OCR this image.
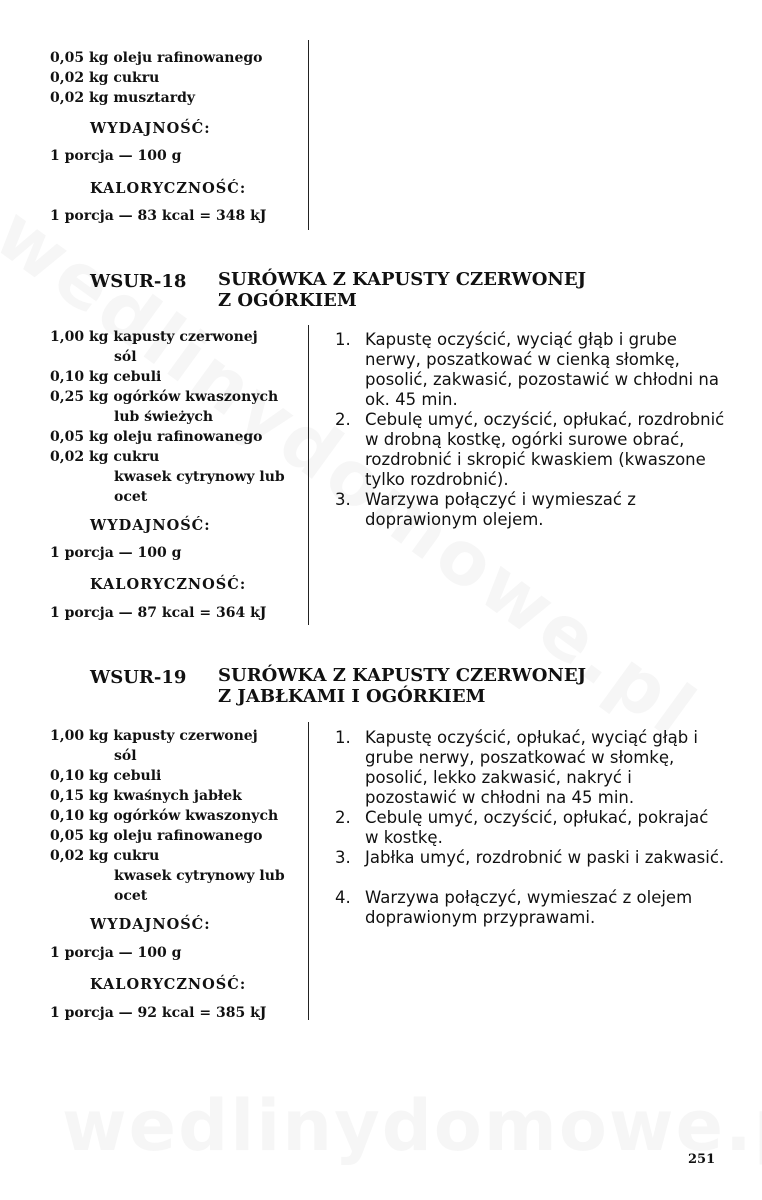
0,05 kg oleju rafinowanego
0,02 kg cukru
0,02 kg musztardy
WYDAJNOŚĆ:
1 porcja — 100 g
KALORYCZNOŚĆ:
1 porcja — 83 kcal = 348 kJ
WSUR-18 SURÓWKA Z KAPUSTY CZERWONEJ
Z OGÓRKIEM
1,00 kg kapusty czerwonej
sól
0,10 kg cebuli
0,25 kg ogórków kwaszonych
lub świeżych
0,05 kg oleju rafinowanego
0,02 kg cukru
kwasek cytrynowy lub
ocet
WYDAJNOŚĆ:
1 porcja — 100 g
KALORYCZNOŚĆ:
1 porcja — 87 kcal = 364 kJ
1. Kapustę oczyścić, wyciąć głąb i grube nerwy, poszatkować w cienką słomkę, posolić, zakwasić, pozostawić w chłodni na ok. 45 min.
2. Cebulę umyć, oczyścić, opłukać, rozdrobnić w drobną kostkę, ogórki surowe obrać, rozdrobnić i skropić kwaskiem (kwaszone tylko rozdrobnić).
3. Warzywa połączyć i wymieszać z doprawionym olejem.
WSUR-19 SURÓWKA Z KAPUSTY CZERWONEJ
Z JABŁKAMI I OGÓRKIEM
1,00 kg kapusty czerwonej
sól
0,10 kg cebuli
0,15 kg kwaśnych jabłek
0,10 kg ogórków kwaszonych
0,05 kg oleju rafinowanego
0,02 kg cukru
kwasek cytrynowy lub
ocet
WYDAJNOŚĆ:
1 porcja — 100 g
KALORYCZNOŚĆ:
1 porcja — 92 kcal = 385 kJ
1. Kapustę oczyścić, opłukać, wyciąć głąb i grube nerwy, poszatkować w słomkę, posolić, lekko zakwasić, nakryć i pozostawić w chłodni na 45 min.
2. Cebulę umyć, oczyścić, opłukać, pokrajać w kostkę.
3. Jabłka umyć, rozdrobnić w paski i zakwasić.
4. Warzywa połączyć, wymieszać z olejem doprawionym przyprawami.
251
